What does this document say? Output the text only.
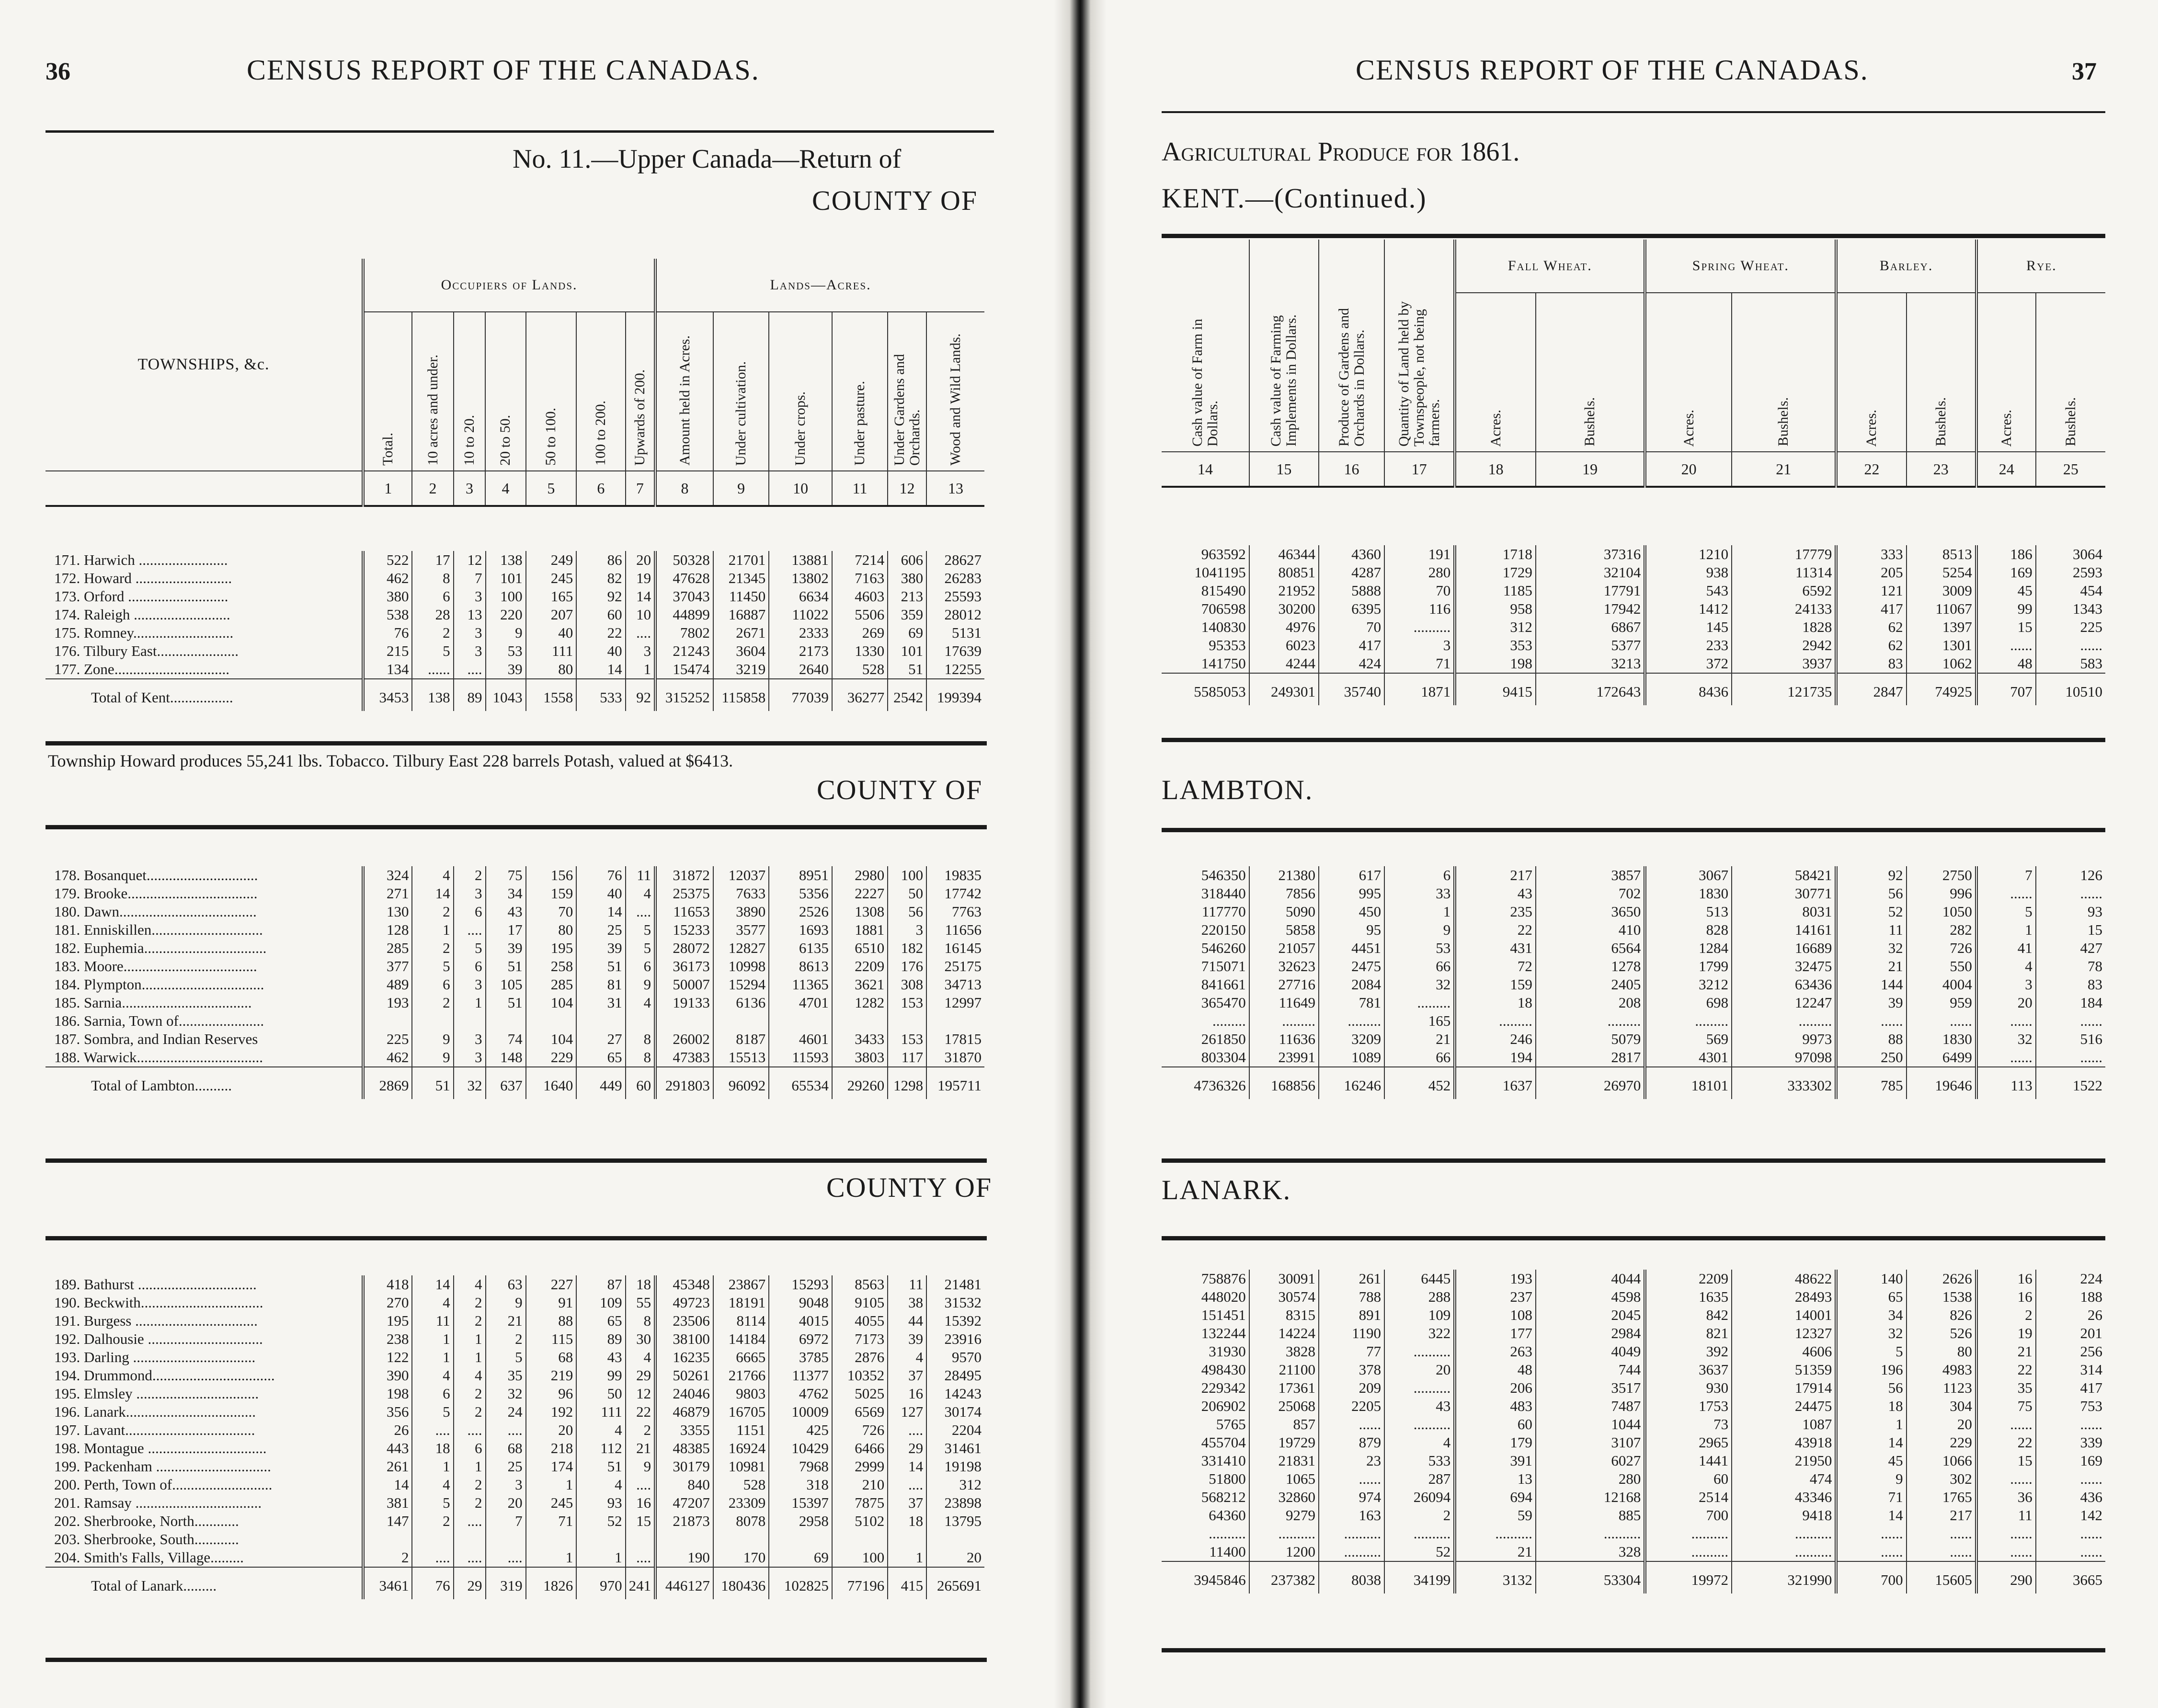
36	CENSUS REPORT OF THE CANADAS.
No. 11.—Upper Canada—Return of
COUNTY OF
TOWNSHIPS, &c.	Occupiers of Lands.							Lands—Acres.					

	Total.	10 acres and under.	10 to 20.	20 to 50.	50 to 100.	100 to 200.	Upwards of 200.	Amount held in Acres.	Under cultivation.	Under crops.	Under pasture.	Under Gardens and Orchards.	Wood and Wild Lands.

	1	2	3	4	5	6	7	8	9	10	11	12	13
171. Harwich ........................	522	17	12	138	249	86	20	50328	21701	13881	7214	606	28627
172. Howard ..........................	462	8	7	101	245	82	19	47628	21345	13802	7163	380	26283
173. Orford ...........................	380	6	3	100	165	92	14	37043	11450	6634	4603	213	25593
174. Raleigh ..........................	538	28	13	220	207	60	10	44899	16887	11022	5506	359	28012
175. Romney...........................	76	2	3	9	40	22	....	7802	2671	2333	269	69	5131
176. Tilbury East......................	215	5	3	53	111	40	3	21243	3604	2173	1330	101	17639
177. Zone...............................	134	......	....	39	80	14	1	15474	3219	2640	528	51	12255
Total of Kent.................	3453	138	89	1043	1558	533	92	315252	115858	77039	36277	2542	199394
Township Howard produces 55,241 lbs. Tobacco. Tilbury East 228 barrels Potash, valued at $6413.
COUNTY OF
178. Bosanquet..............................	324	4	2	75	156	76	11	31872	12037	8951	2980	100	19835
179. Brooke...................................	271	14	3	34	159	40	4	25375	7633	5356	2227	50	17742
180. Dawn.....................................	130	2	6	43	70	14	....	11653	3890	2526	1308	56	7763
181. Enniskillen..............................	128	1	....	17	80	25	5	15233	3577	1693	1881	3	11656
182. Euphemia.................................	285	2	5	39	195	39	5	28072	12827	6135	6510	182	16145
183. Moore....................................	377	5	6	51	258	51	6	36173	10998	8613	2209	176	25175
184. Plympton.................................	489	6	3	105	285	81	9	50007	15294	11365	3621	308	34713
185. Sarnia...................................	193	2	1	51	104	31	4	19133	6136	4701	1282	153	12997
186. Sarnia, Town of.......................													
187. Sombra, and Indian Reserves	225	9	3	74	104	27	8	26002	8187	4601	3433	153	17815
188. Warwick..................................	462	9	3	148	229	65	8	47383	15513	11593	3803	117	31870
Total of Lambton..........	2869	51	32	637	1640	449	60	291803	96092	65534	29260	1298	195711
COUNTY OF
189. Bathurst ................................	418	14	4	63	227	87	18	45348	23867	15293	8563	11	21481
190. Beckwith.................................	270	4	2	9	91	109	55	49723	18191	9048	9105	38	31532
191. Burgess .................................	195	11	2	21	88	65	8	23506	8114	4015	4055	44	15392
192. Dalhousie ...............................	238	1	1	2	115	89	30	38100	14184	6972	7173	39	23916
193. Darling .................................	122	1	1	5	68	43	4	16235	6665	3785	2876	4	9570
194. Drummond.................................	390	4	4	35	219	99	29	50261	21766	11377	10352	37	28495
195. Elmsley .................................	198	6	2	32	96	50	12	24046	9803	4762	5025	16	14243
196. Lanark...................................	356	5	2	24	192	111	22	46879	16705	10009	6569	127	30174
197. Lavant...................................	26	....	....	....	20	4	2	3355	1151	425	726	....	2204
198. Montague ................................	443	18	6	68	218	112	21	48385	16924	10429	6466	29	31461
199. Packenham ...............................	261	1	1	25	174	51	9	30179	10981	7968	2999	14	19198
200. Perth, Town of...........................	14	4	2	3	1	4	....	840	528	318	210	....	312
201. Ramsay ..................................	381	5	2	20	245	93	16	47207	23309	15397	7875	37	23898
202. Sherbrooke, North............	147	2	....	7	71	52	15	21873	8078	2958	5102	18	13795
203. Sherbrooke, South............													
204. Smith's Falls, Village.........	2	....	....	....	1	1	....	190	170	69	100	1	20
Total of Lanark.........	3461	76	29	319	1826	970	241	446127	180436	102825	77196	415	265691
CENSUS REPORT OF THE CANADAS.	37
Agricultural Produce for 1861.
KENT.—(Continued.)
Cash value of Farm in Dollars.	Cash value of Farming Implements in Dollars.	Produce of Gardens and Orchards in Dollars.	Quantity of Land held by Townspeople, not being farmers.	Fall Wheat.		Spring Wheat.		Barley.		Rye.	

				Acres.	Bushels.	Acres.	Bushels.	Acres.	Bushels.	Acres.	Bushels.

14	15	16	17	18	19	20	21	22	23	24	25
963592	46344	4360	191	1718	37316	1210	17779	333	8513	186	3064
1041195	80851	4287	280	1729	32104	938	11314	205	5254	169	2593
815490	21952	5888	70	1185	17791	543	6592	121	3009	45	454
706598	30200	6395	116	958	17942	1412	24133	417	11067	99	1343
140830	4976	70	..........	312	6867	145	1828	62	1397	15	225
95353	6023	417	3	353	5377	233	2942	62	1301	......	......
141750	4244	424	71	198	3213	372	3937	83	1062	48	583
5585053	249301	35740	1871	9415	172643	8436	121735	2847	74925	707	10510
LAMBTON.
546350	21380	617	6	217	3857	3067	58421	92	2750	7	126
318440	7856	995	33	43	702	1830	30771	56	996	......	......
117770	5090	450	1	235	3650	513	8031	52	1050	5	93
220150	5858	95	9	22	410	828	14161	11	282	1	15
546260	21057	4451	53	431	6564	1284	16689	32	726	41	427
715071	32623	2475	66	72	1278	1799	32475	21	550	4	78
841661	27716	2084	32	159	2405	3212	63436	144	4004	3	83
365470	11649	781	.........	18	208	698	12247	39	959	20	184
.........	.........	.........	165	.........	.........	.........	.........	......	......	......	......
261850	11636	3209	21	246	5079	569	9973	88	1830	32	516
803304	23991	1089	66	194	2817	4301	97098	250	6499	......	......
4736326	168856	16246	452	1637	26970	18101	333302	785	19646	113	1522
LANARK.
758876	30091	261	6445	193	4044	2209	48622	140	2626	16	224
448020	30574	788	288	237	4598	1635	28493	65	1538	16	188
151451	8315	891	109	108	2045	842	14001	34	826	2	26
132244	14224	1190	322	177	2984	821	12327	32	526	19	201
31930	3828	77	..........	263	4049	392	4606	5	80	21	256
498430	21100	378	20	48	744	3637	51359	196	4983	22	314
229342	17361	209	..........	206	3517	930	17914	56	1123	35	417
206902	25068	2205	43	483	7487	1753	24475	18	304	75	753
5765	857	......	..........	60	1044	73	1087	1	20	......	......
455704	19729	879	4	179	3107	2965	43918	14	229	22	339
331410	21831	23	533	391	6027	1441	21950	45	1066	15	169
51800	1065	......	287	13	280	60	474	9	302	......	......
568212	32860	974	26094	694	12168	2514	43346	71	1765	36	436
64360	9279	163	2	59	885	700	9418	14	217	11	142
..........	..........	..........	..........	..........	..........	..........	..........	......	......	......	......
11400	1200	..........	52	21	328	..........	..........	......	......	......	......
3945846	237382	8038	34199	3132	53304	19972	321990	700	15605	290	3665
